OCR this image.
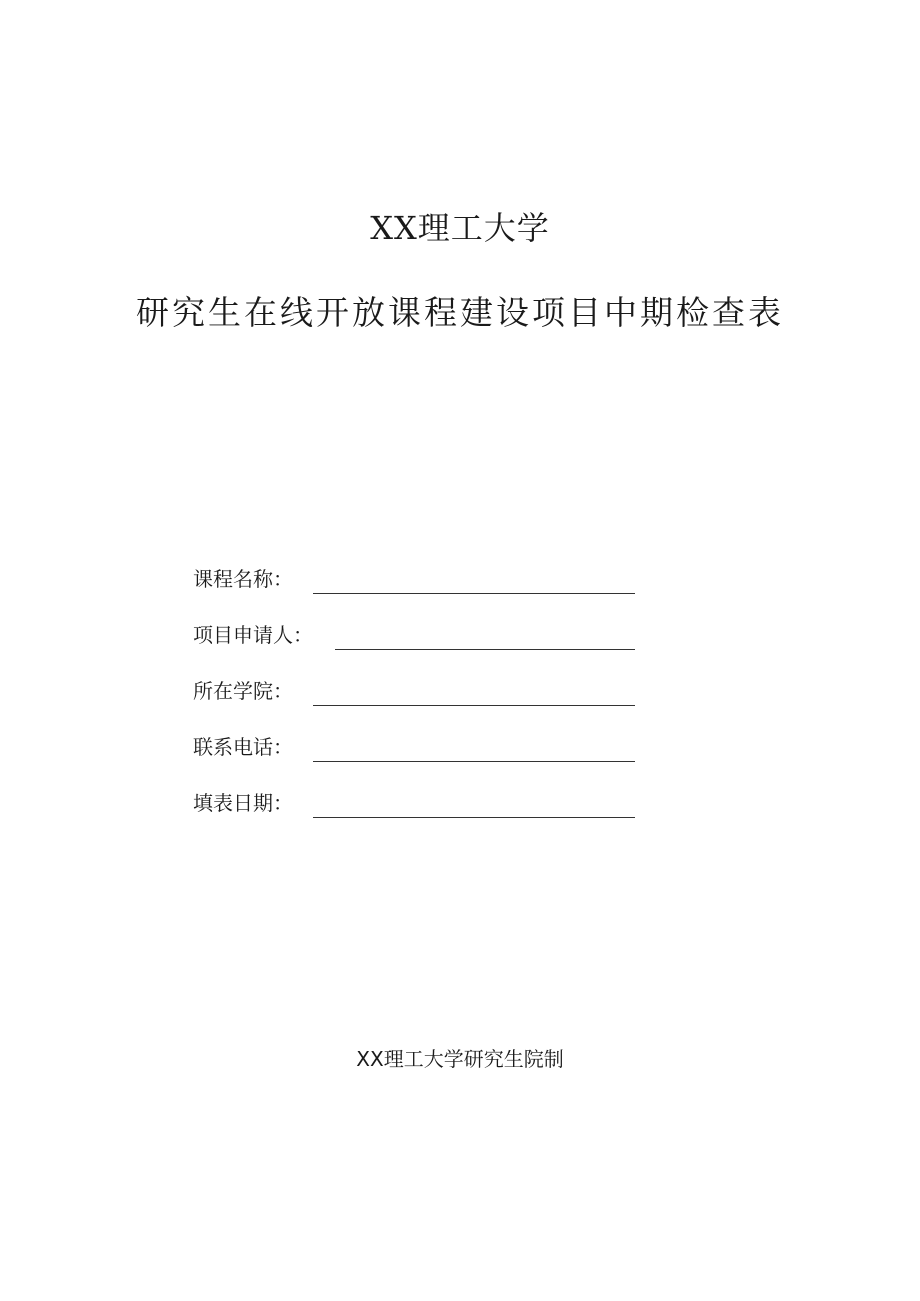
XX理工大学
研究生在线开放课程建设项目中期检查表
课程名称：
项目申请人：
所在学院：
联系电话：
填表日期：
XX理工大学研究生院制
